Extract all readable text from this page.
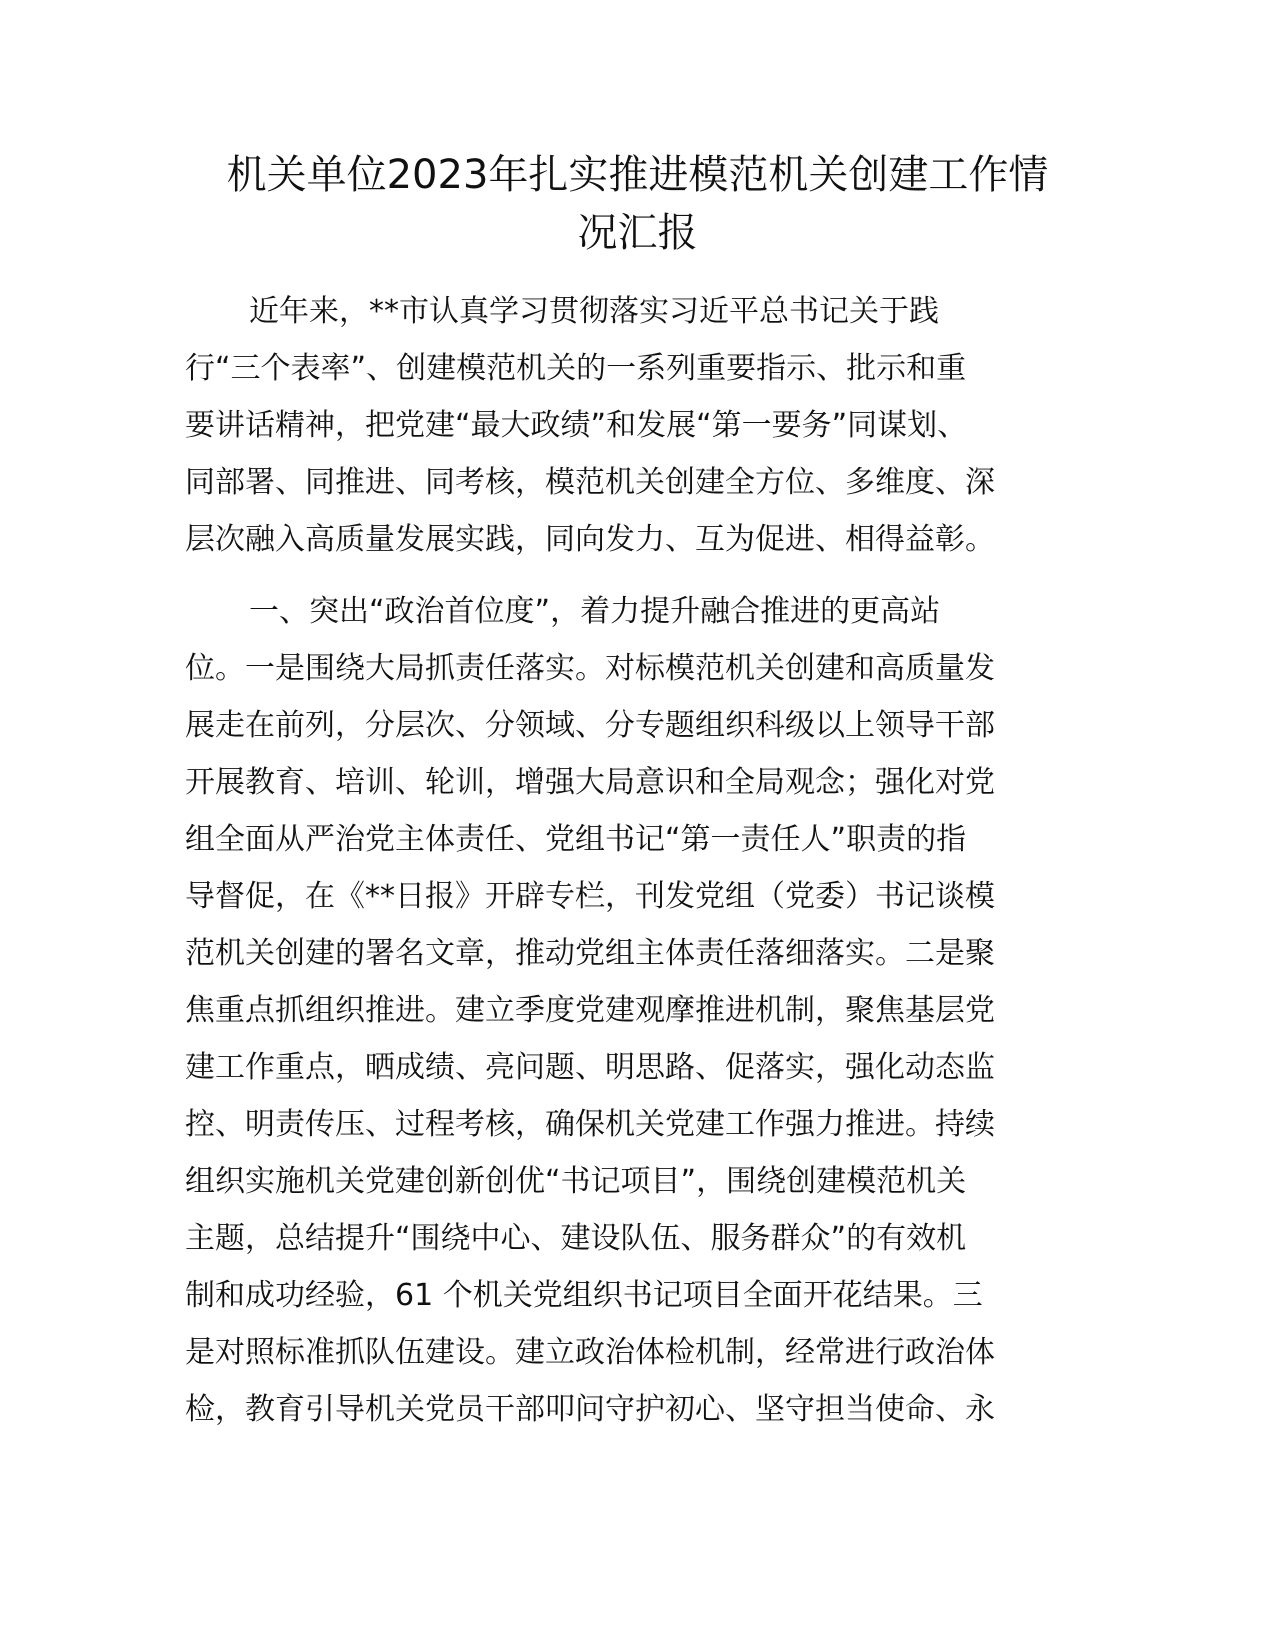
机关单位2023年扎实推进模范机关创建工作情
况汇报
近年来，**市认真学习贯彻落实习近平总书记关于践
行“三个表率”、创建模范机关的一系列重要指示、批示和重
要讲话精神，把党建“最大政绩”和发展“第一要务”同谋划、
同部署、同推进、同考核，模范机关创建全方位、多维度、深
层次融入高质量发展实践，同向发力、互为促进、相得益彰。
一、突出“政治首位度”，着力提升融合推进的更高站
位。一是围绕大局抓责任落实。对标模范机关创建和高质量发
展走在前列，分层次、分领域、分专题组织科级以上领导干部
开展教育、培训、轮训，增强大局意识和全局观念；强化对党
组全面从严治党主体责任、党组书记“第一责任人”职责的指
导督促，在《**日报》开辟专栏，刊发党组（党委）书记谈模
范机关创建的署名文章，推动党组主体责任落细落实。二是聚
焦重点抓组织推进。建立季度党建观摩推进机制，聚焦基层党
建工作重点，晒成绩、亮问题、明思路、促落实，强化动态监
控、明责传压、过程考核，确保机关党建工作强力推进。持续
组织实施机关党建创新创优“书记项目”，围绕创建模范机关
主题，总结提升“围绕中心、建设队伍、服务群众”的有效机
制和成功经验，61 个机关党组织书记项目全面开花结果。三
是对照标准抓队伍建设。建立政治体检机制，经常进行政治体
检，教育引导机关党员干部叩问守护初心、坚守担当使命、永
